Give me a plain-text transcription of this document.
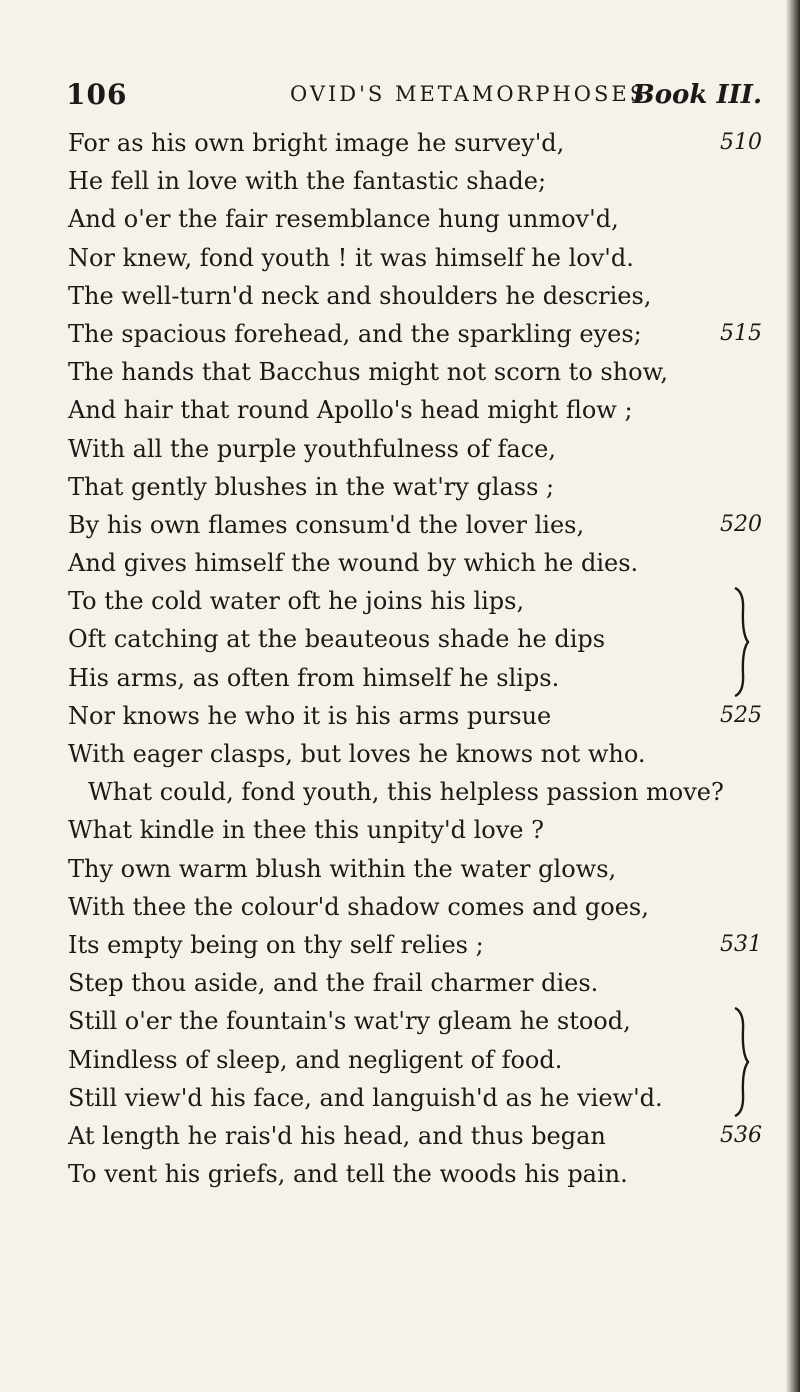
106	OVID'S METAMORPHOSES.
Book III.
For as his own bright image he survey'd,	510
He fell in love with the fantastic shade;
And o'er the fair resemblance hung unmov'd,
Nor knew, fond youth ! it was himself he lov'd.
The well-turn'd neck and shoulders he descries,
The spacious forehead, and the sparkling eyes;	515
The hands that Bacchus might not scorn to show,
And hair that round Apollo's head might flow ;
With all the purple youthfulness of face,
That gently blushes in the wat'ry glass ;
By his own flames consum'd the lover lies,	520
And gives himself the wound by which he dies.
To the cold water oft he joins his lips,
Oft catching at the beauteous shade he dips
His arms, as often from himself he slips.
Nor knows he who it is his arms pursue	525
With eager clasps, but loves he knows not who.
What could, fond youth, this helpless passion move?
What kindle in thee this unpity'd love ?
Thy own warm blush within the water glows,
With thee the colour'd shadow comes and goes,
Its empty being on thy self relies ;	531
Step thou aside, and the frail charmer dies.
Still o'er the fountain's wat'ry gleam he stood,
Mindless of sleep, and negligent of food.
Still view'd his face, and languish'd as he view'd.
At length he rais'd his head, and thus began	536
To vent his griefs, and tell the woods his pain.
